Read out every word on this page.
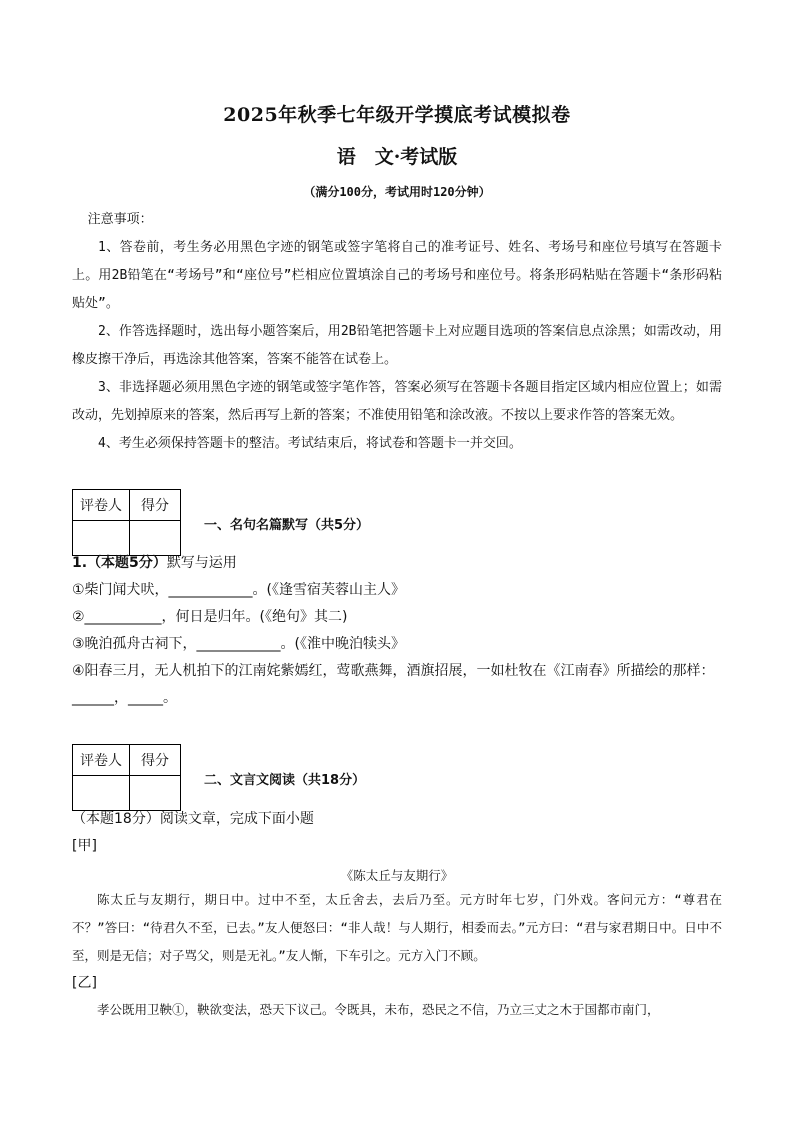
2025年秋季七年级开学摸底考试模拟卷
语　文·考试版
（满分100分，考试用时120分钟）

注意事项：

1、答卷前，考生务必用黑色字迹的钢笔或签字笔将自己的准考证号、姓名、考场号和座位号填写在答题卡上。用2B铅笔在“考场号”和“座位号”栏相应位置填涂自己的考场号和座位号。将条形码粘贴在答题卡“条形码粘贴处”。

2、作答选择题时，选出每小题答案后，用2B铅笔把答题卡上对应题目选项的答案信息点涂黑；如需改动，用橡皮擦干净后，再选涂其他答案，答案不能答在试卷上。

3、非选择题必须用黑色字迹的钢笔或签字笔作答，答案必须写在答题卡各题目指定区域内相应位置上；如需改动，先划掉原来的答案，然后再写上新的答案；不准使用铅笔和涂改液。不按以上要求作答的答案无效。

4、考生必须保持答题卡的整洁。考试结束后，将试卷和答题卡一并交回。

评卷人	得分

一、名句名篇默写（共5分）

1.（本题5分）默写与运用

①柴门闻犬吠，____________。(《逢雪宿芙蓉山主人》

②___________，何日是归年。(《绝句》其二)

③晚泊孤舟古祠下，____________。(《淮中晚泊犊头》

④阳春三月，无人机拍下的江南姹紫嫣红，莺歌燕舞，酒旗招展，一如杜牧在《江南春》所描绘的那样：______，_____。

评卷人	得分

二、文言文阅读（共18分）

（本题18分）阅读文章，完成下面小题

[甲]

《陈太丘与友期行》

陈太丘与友期行，期日中。过中不至，太丘舍去，去后乃至。元方时年七岁，门外戏。客问元方：“尊君在不？”答曰：“待君久不至，已去。”友人便怒曰：“非人哉！与人期行，相委而去。”元方曰：“君与家君期日中。日中不至，则是无信；对子骂父，则是无礼。”友人惭，下车引之。元方入门不顾。

[乙]

孝公既用卫鞅①，鞅欲变法，恐天下议己。令既具，未布，恐民之不信，乃立三丈之木于国都市南门，
